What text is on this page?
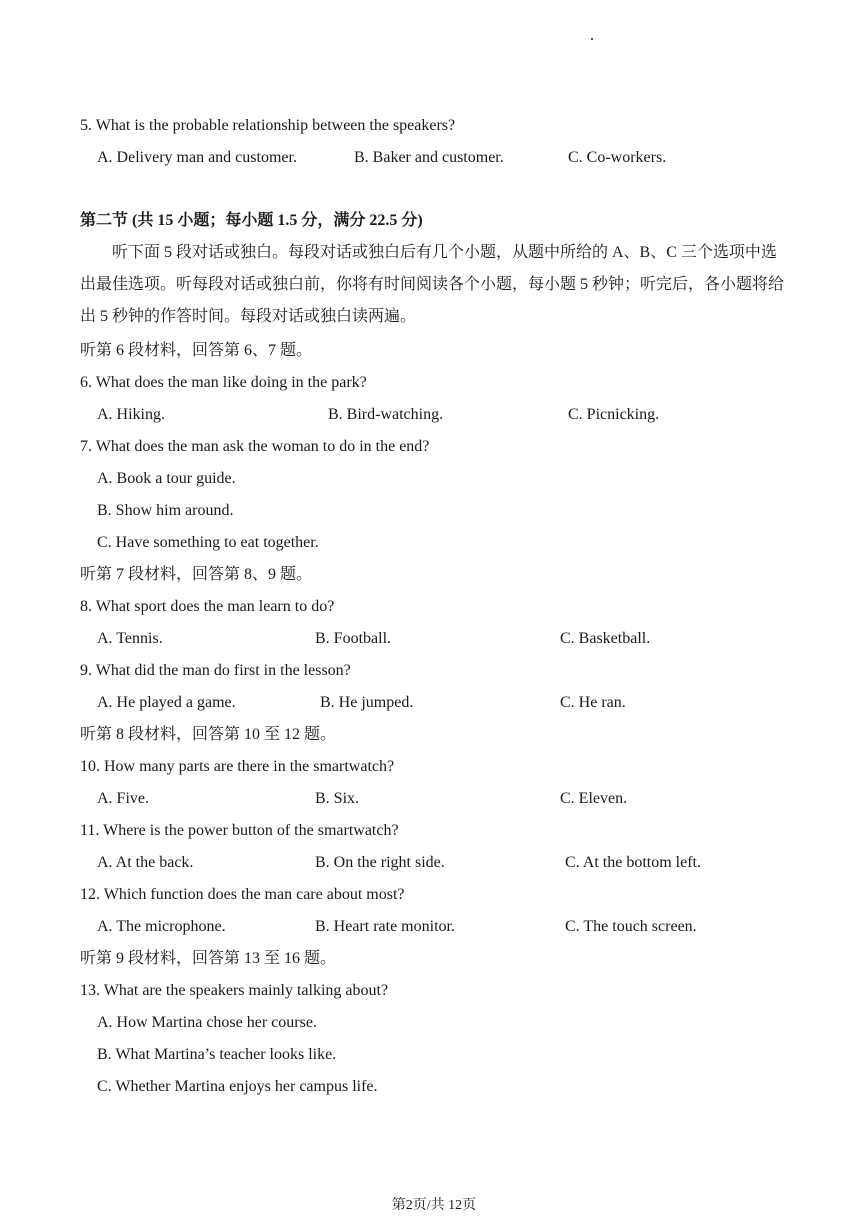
5. What is the probable relationship between the speakers?
A. Delivery man and customer.	B. Baker and customer.	C. Co-workers.
第二节 (共 15 小题；每小题 1.5 分，满分 22.5 分)
听下面 5 段对话或独白。每段对话或独白后有几个小题，从题中所给的 A、B、C 三个选项中选出最佳选项。听每段对话或独白前，你将有时间阅读各个小题，每小题 5 秒钟；听完后，各小题将给出 5 秒钟的作答时间。每段对话或独白读两遍。
听第 6 段材料，回答第 6、7 题。
6. What does the man like doing in the park?
A. Hiking.	B. Bird-watching.	C. Picnicking.
7. What does the man ask the woman to do in the end?
A. Book a tour guide.
B. Show him around.
C. Have something to eat together.
听第 7 段材料，回答第 8、9 题。
8. What sport does the man learn to do?
A. Tennis.	B. Football.	C. Basketball.
9. What did the man do first in the lesson?
A. He played a game.	B. He jumped.	C. He ran.
听第 8 段材料，回答第 10 至 12 题。
10. How many parts are there in the smartwatch?
A. Five.	B. Six.	C. Eleven.
11. Where is the power button of the smartwatch?
A. At the back.	B. On the right side.	C. At the bottom left.
12. Which function does the man care about most?
A. The microphone.	B. Heart rate monitor.	C. The touch screen.
听第 9 段材料，回答第 13 至 16 题。
13. What are the speakers mainly talking about?
A. How Martina chose her course.
B. What Martina’s teacher looks like.
C. Whether Martina enjoys her campus life.
第2页/共 12页
